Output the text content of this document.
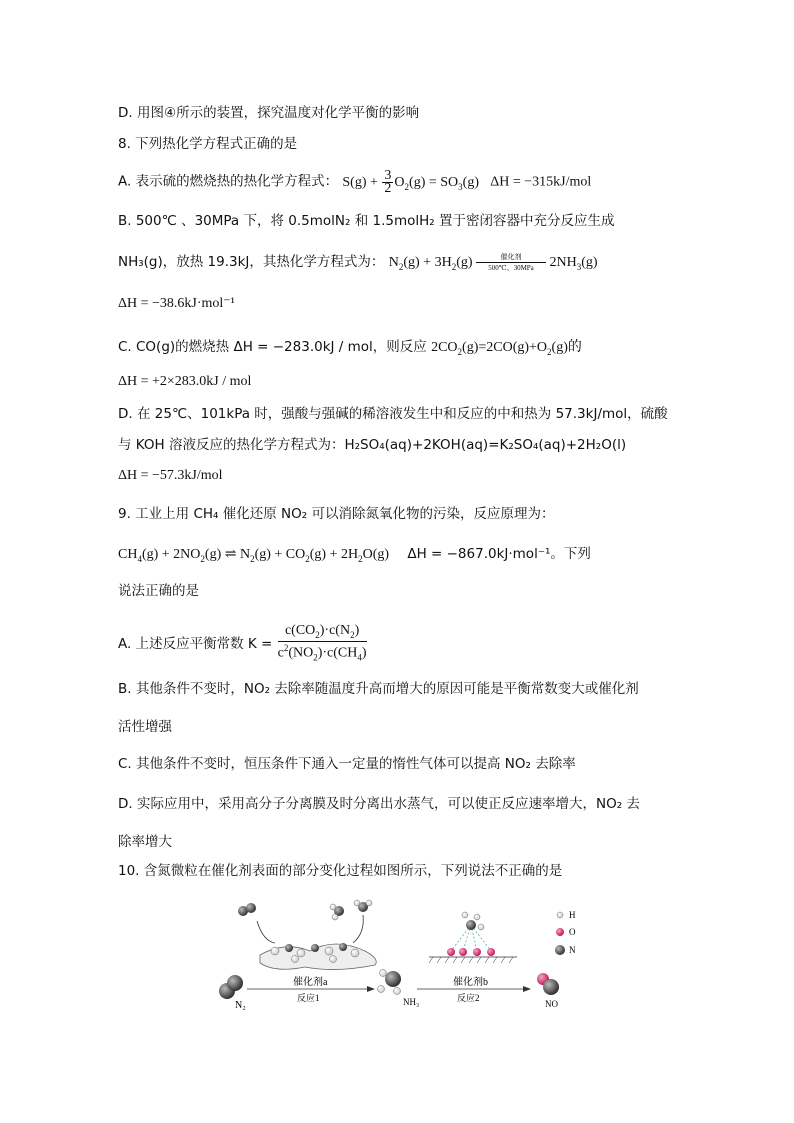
D. 用图④所示的装置，探究温度对化学平衡的影响
8. 下列热化学方程式正确的是
A. 表示硫的燃烧热的热化学方程式： $S(g) + \frac{3}{2} O_2(g) = SO_3(g) \Delta H = -315kJ/mol$
B. 500℃ 、30MPa 下，将 0.5molN₂ 和 1.5molH₂ 置于密闭容器中充分反应生成
NH₃(g)，放热 19.3kJ，其热化学方程式为： $N_2(g) + 3H_2(g)$	催化剂
500℃、30MPa $2NH_3(g)$
ΔH = −38.6kJ·mol⁻¹
C. CO(g)的燃烧热 ΔH = −283.0kJ / mol，则反应 $2CO_2(g)=2CO(g)+O_2(g)$的
ΔH = +2×283.0kJ / mol
D. 在 25℃、101kPa 时，强酸与强碱的稀溶液发生中和反应的中和热为 57.3kJ/mol，硫酸
与 KOH 溶液反应的热化学方程式为：H₂SO₄(aq)+2KOH(aq)=K₂SO₄(aq)+2H₂O(l)
ΔH = −57.3kJ/mol
9. 工业上用 CH₄ 催化还原 NO₂ 可以消除氮氧化物的污染，反应原理为：
$CH_4(g) + 2NO_2(g)$ ⇌ $N_2(g) + CO_2(g) + 2H_2O(g)$     ΔH = −867.0kJ·mol⁻¹。下列
说法正确的是
A. 上述反应平衡常数 $K = \frac{c(CO_2)\cdot c(N_2)}{c^2(NO_2)\cdot c(CH_4)}$
B. 其他条件不变时，NO₂ 去除率随温度升高而增大的原因可能是平衡常数变大或催化剂
活性增强
C. 其他条件不变时，恒压条件下通入一定量的惰性气体可以提高 NO₂ 去除率
D. 实际应用中，采用高分子分离膜及时分离出水蒸气，可以使正反应速率增大，NO₂ 去
除率增大
10. 含氮微粒在催化剂表面的部分变化过程如图所示，下列说法不正确的是
N₂
催化剂a
反应1	NH₃
催化剂b
反应2
NO
H
O
N
